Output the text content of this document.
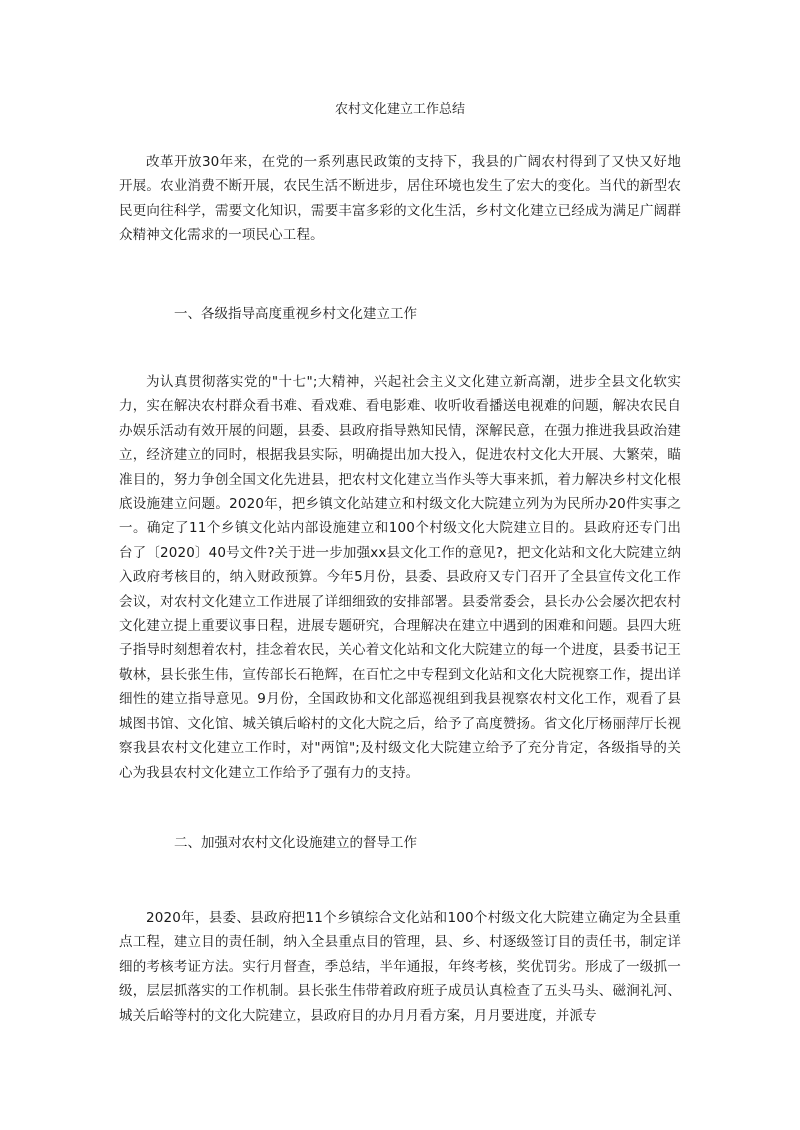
农村文化建立工作总结

改革开放30年来，在党的一系列惠民政策的支持下，我县的广阔农村得到了又快又好地开展。农业消费不断开展，农民生活不断进步，居住环境也发生了宏大的变化。当代的新型农民更向往科学，需要文化知识，需要丰富多彩的文化生活，乡村文化建立已经成为满足广阔群众精神文化需求的一项民心工程。

一、各级指导高度重视乡村文化建立工作

为认真贯彻落实党的"十七";大精神，兴起社会主义文化建立新高潮，进步全县文化软实力，实在解决农村群众看书难、看戏难、看电影难、收听收看播送电视难的问题，解决农民自办娱乐活动有效开展的问题，县委、县政府指导熟知民情，深解民意，在强力推进我县政治建立，经济建立的同时，根据我县实际，明确提出加大投入，促进农村文化大开展、大繁荣，瞄准目的，努力争创全国文化先进县，把农村文化建立当作头等大事来抓，着力解决乡村文化根底设施建立问题。2020年，把乡镇文化站建立和村级文化大院建立列为为民所办20件实事之一。确定了11个乡镇文化站内部设施建立和100个村级文化大院建立目的。县政府还专门出台了〔2020〕40号文件?关于进一步加强xx县文化工作的意见?，把文化站和文化大院建立纳入政府考核目的，纳入财政预算。今年5月份，县委、县政府又专门召开了全县宣传文化工作会议，对农村文化建立工作进展了详细细致的安排部署。县委常委会，县长办公会屡次把农村文化建立提上重要议事日程，进展专题研究，合理解决在建立中遇到的困难和问题。县四大班子指导时刻想着农村，挂念着农民，关心着文化站和文化大院建立的每一个进度，县委书记王敬林，县长张生伟，宣传部长石艳辉，在百忙之中专程到文化站和文化大院视察工作，提出详细性的建立指导意见。9月份，全国政协和文化部巡视组到我县视察农村文化工作，观看了县城图书馆、文化馆、城关镇后峪村的文化大院之后，给予了高度赞扬。省文化厅杨丽萍厅长视察我县农村文化建立工作时，对"两馆";及村级文化大院建立给予了充分肯定，各级指导的关心为我县农村文化建立工作给予了强有力的支持。

二、加强对农村文化设施建立的督导工作

2020年，县委、县政府把11个乡镇综合文化站和100个村级文化大院建立确定为全县重点工程，建立目的责任制，纳入全县重点目的管理，县、乡、村逐级签订目的责任书，制定详细的考核考证方法。实行月督查，季总结，半年通报，年终考核，奖优罚劣。形成了一级抓一级，层层抓落实的工作机制。县长张生伟带着政府班子成员认真检查了五头马头、磁涧礼河、城关后峪等村的文化大院建立，县政府目的办月月看方案，月月要进度，并派专
